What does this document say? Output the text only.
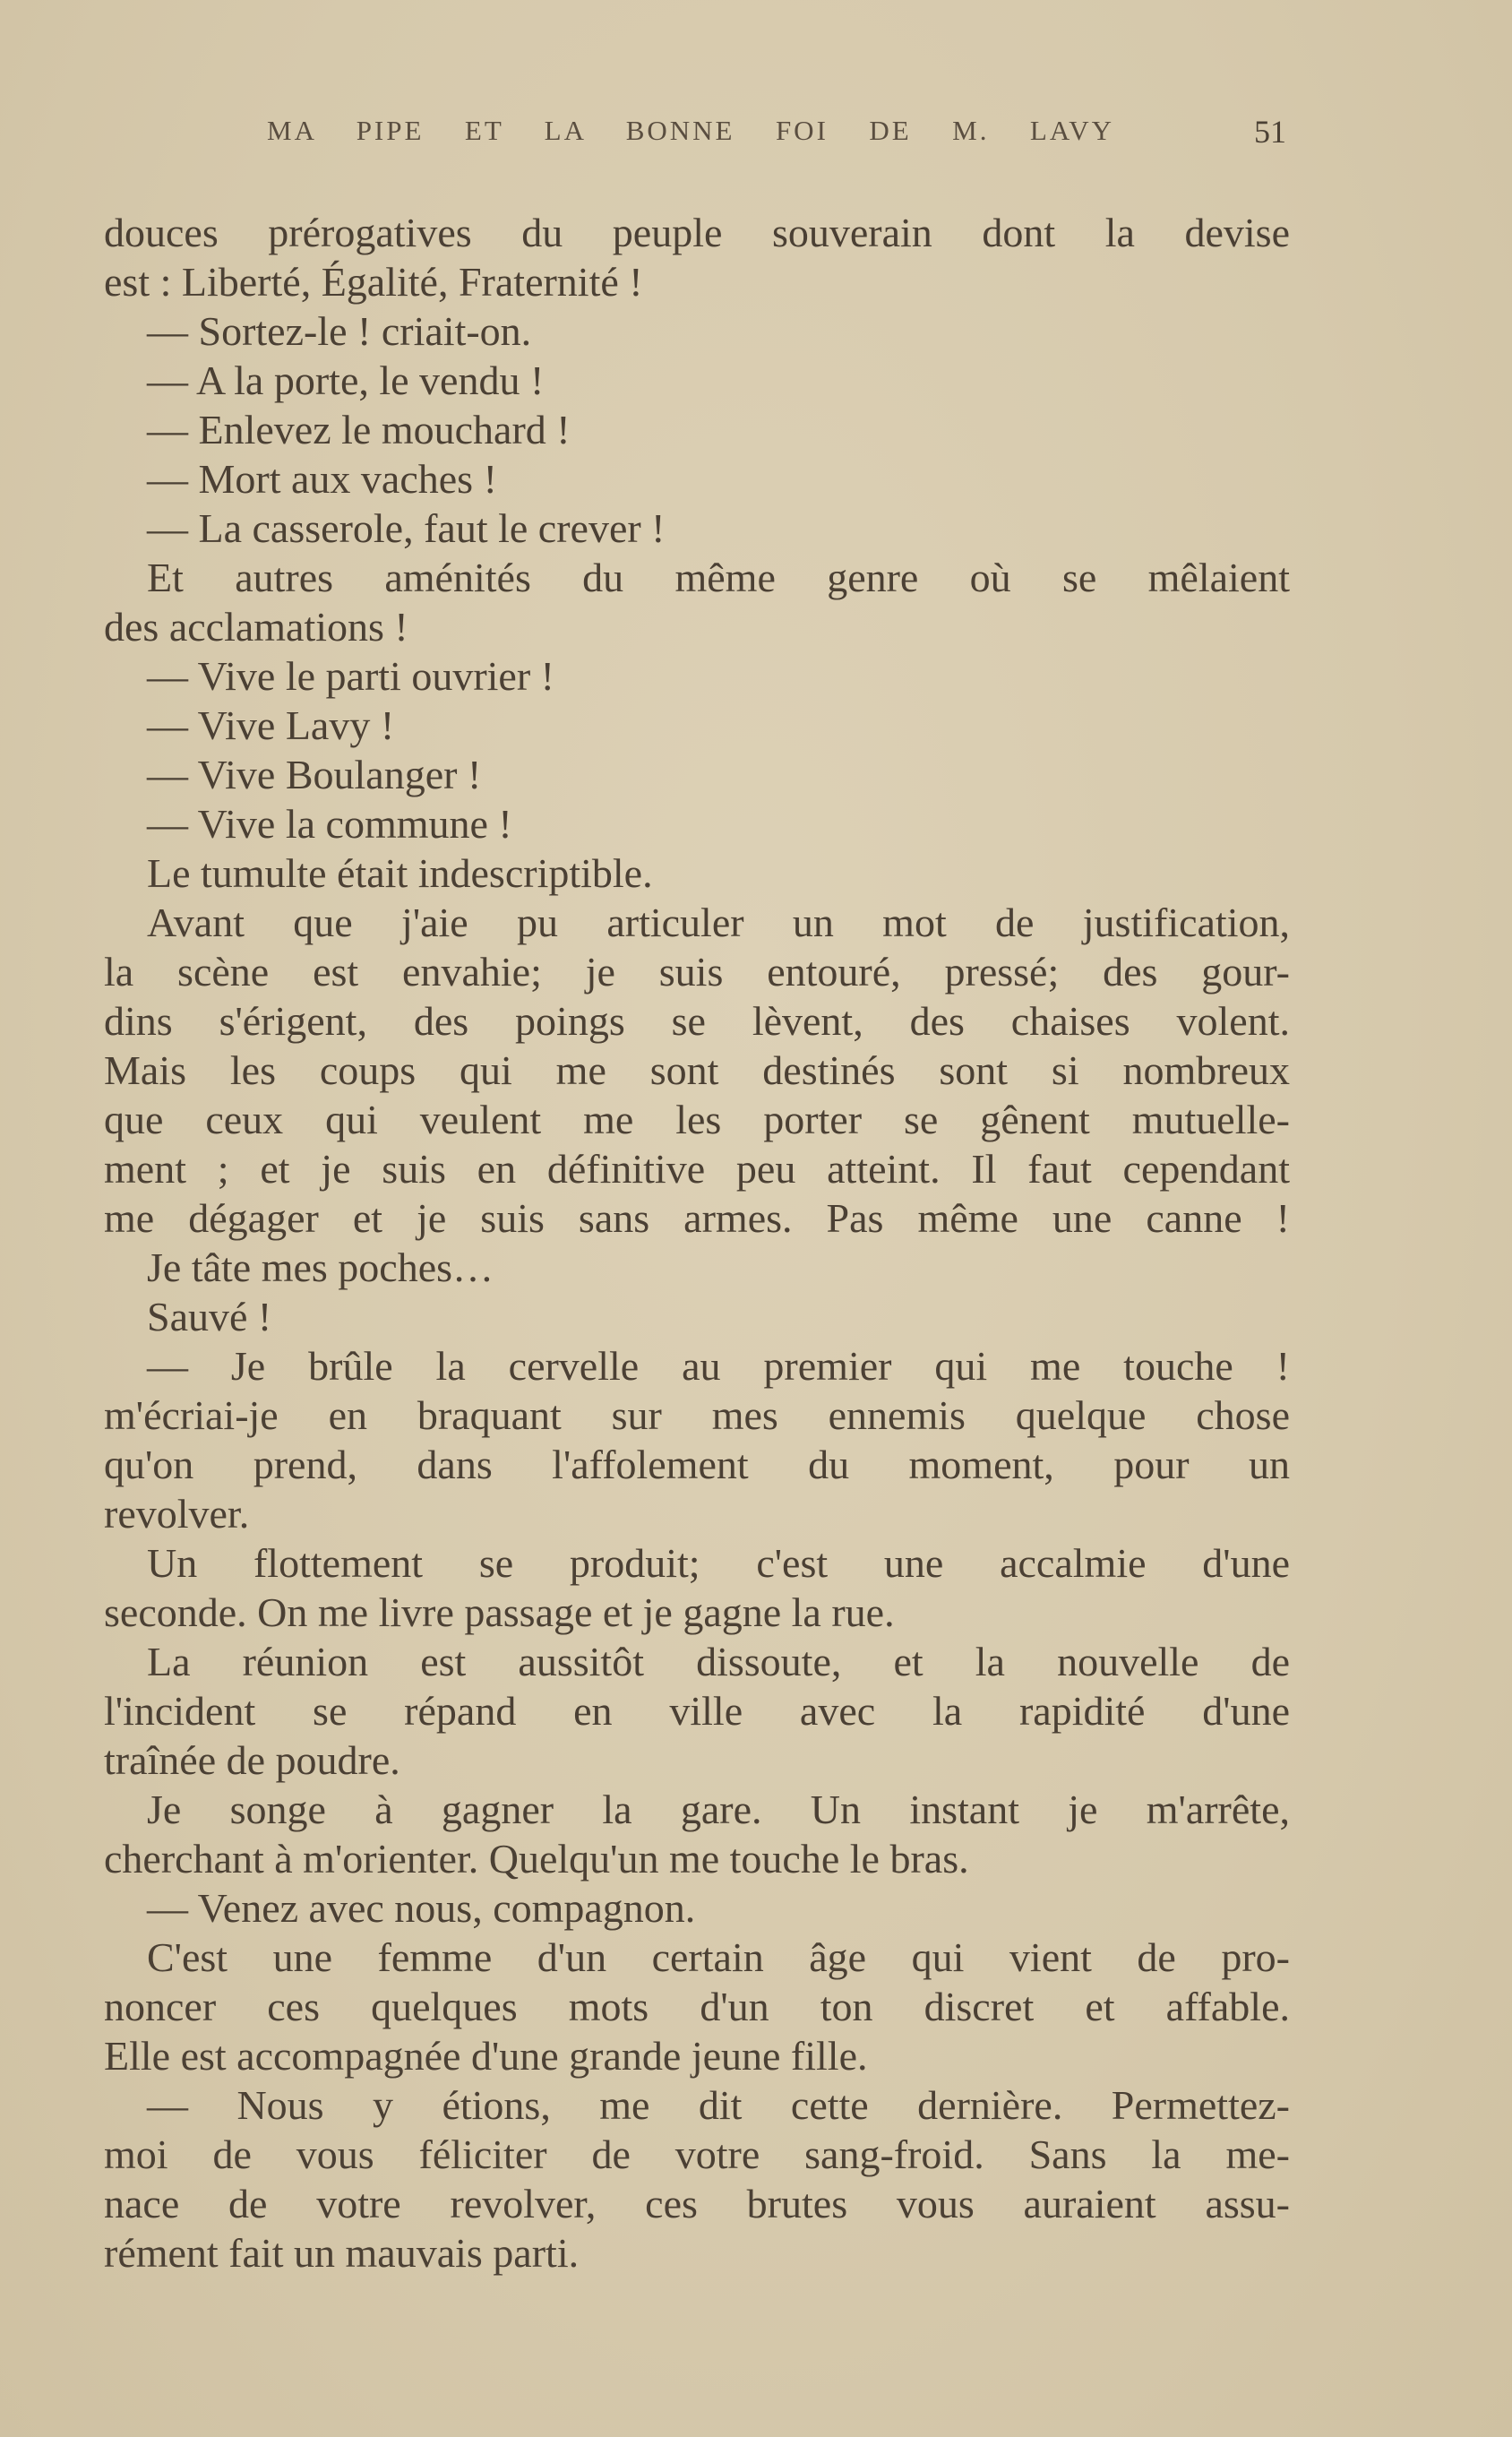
MA PIPE ET LA BONNE FOI DE M. LAVY	51
douces prérogatives du peuple souverain dont la devise
est : Liberté, Égalité, Fraternité !
— Sortez-le ! criait-on.
— A la porte, le vendu !
— Enlevez le mouchard !
— Mort aux vaches !
— La casserole, faut le crever !
Et autres aménités du même genre où se mêlaient
des acclamations !
— Vive le parti ouvrier !
— Vive Lavy !
— Vive Boulanger !
— Vive la commune !
Le tumulte était indescriptible.
Avant que j'aie pu articuler un mot de justification,
la scène est envahie; je suis entouré, pressé; des gour-
dins s'érigent, des poings se lèvent, des chaises volent.
Mais les coups qui me sont destinés sont si nombreux
que ceux qui veulent me les porter se gênent mutuelle-
ment ; et je suis en définitive peu atteint. Il faut cependant
me dégager et je suis sans armes. Pas même une canne !
Je tâte mes poches…
Sauvé !
— Je brûle la cervelle au premier qui me touche !
m'écriai-je en braquant sur mes ennemis quelque chose
qu'on prend, dans l'affolement du moment, pour un
revolver.
Un flottement se produit; c'est une accalmie d'une
seconde. On me livre passage et je gagne la rue.
La réunion est aussitôt dissoute, et la nouvelle de
l'incident se répand en ville avec la rapidité d'une
traînée de poudre.
Je songe à gagner la gare. Un instant je m'arrête,
cherchant à m'orienter. Quelqu'un me touche le bras.
— Venez avec nous, compagnon.
C'est une femme d'un certain âge qui vient de pro-
noncer ces quelques mots d'un ton discret et affable.
Elle est accompagnée d'une grande jeune fille.
— Nous y étions, me dit cette dernière. Permettez-
moi de vous féliciter de votre sang-froid. Sans la me-
nace de votre revolver, ces brutes vous auraient assu-
rément fait un mauvais parti.
